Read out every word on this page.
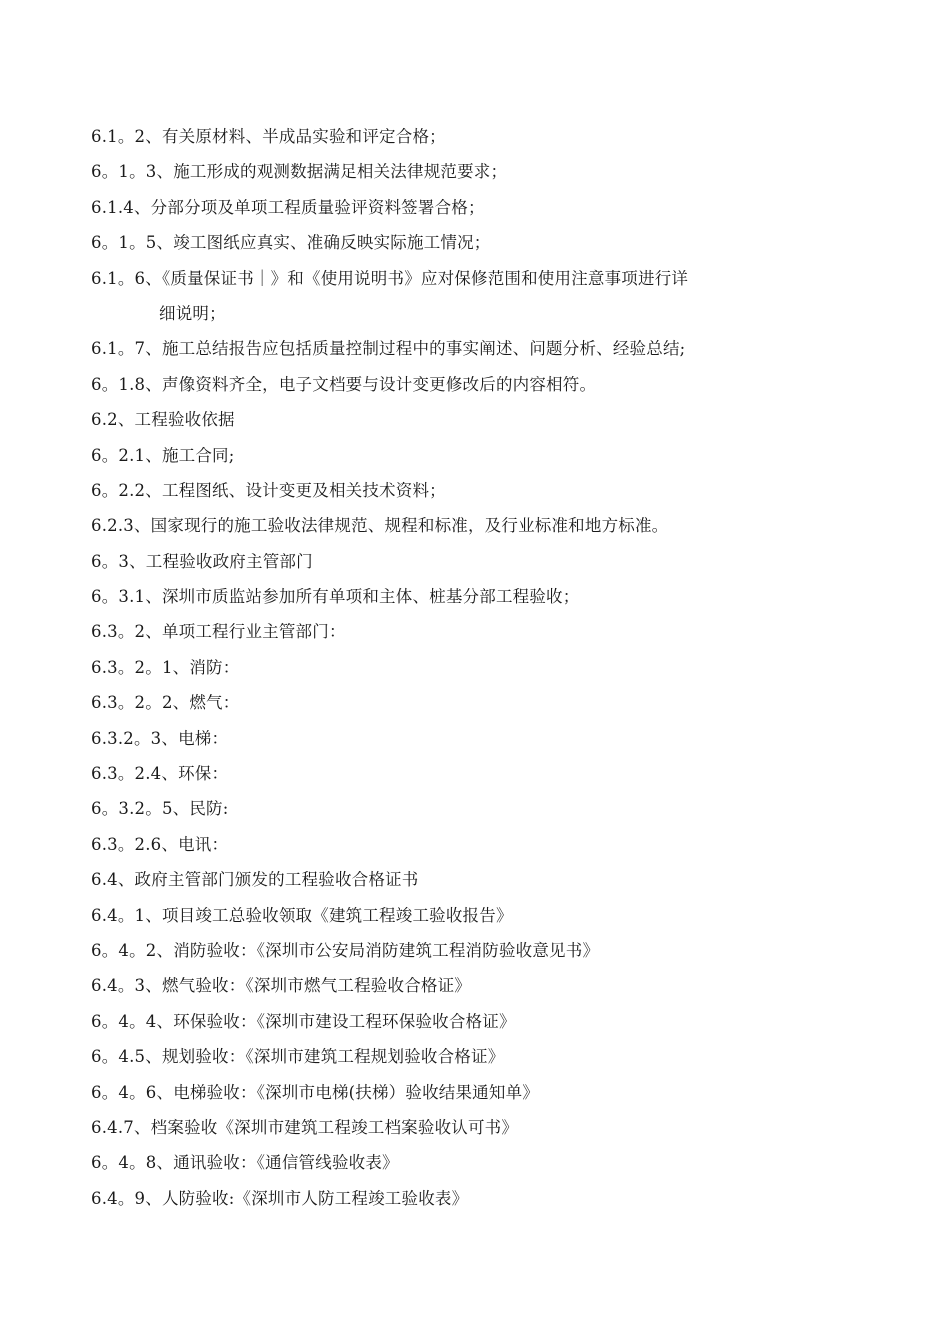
6.1。2、有关原材料、半成品实验和评定合格；
6。1。3、施工形成的观测数据满足相关法律规范要求；
6.1.4、分部分项及单项工程质量验评资料签署合格；
6。1。5、竣工图纸应真实、准确反映实际施工情况；
6.1。6、《质量保证书｜》和《使用说明书》应对保修范围和使用注意事项进行详
细说明；
6.1。7、施工总结报告应包括质量控制过程中的事实阐述、问题分析、经验总结;
6。1.8、声像资料齐全，电子文档要与设计变更修改后的内容相符。
6.2、工程验收依据
6。2.1、施工合同;
6。2.2、工程图纸、设计变更及相关技术资料；
6.2.3、国家现行的施工验收法律规范、规程和标准，及行业标准和地方标准。
6。3、工程验收政府主管部门
6。3.1、深圳市质监站参加所有单项和主体、桩基分部工程验收；
6.3。2、单项工程行业主管部门：
6.3。2。1、消防：
6.3。2。2、燃气：
6.3.2。3、电梯：
6.3。2.4、环保：
6。3.2。5、民防:
6.3。2.6、电讯：
6.4、政府主管部门颁发的工程验收合格证书
6.4。1、项目竣工总验收领取《建筑工程竣工验收报告》
6。4。2、消防验收：《深圳市公安局消防建筑工程消防验收意见书》
6.4。3、燃气验收：《深圳市燃气工程验收合格证》
6。4。4、环保验收：《深圳市建设工程环保验收合格证》
6。4.5、规划验收：《深圳市建筑工程规划验收合格证》
6。4。6、电梯验收：《深圳市电梯(扶梯）验收结果通知单》
6.4.7、档案验收《深圳市建筑工程竣工档案验收认可书》
6。4。8、通讯验收：《通信管线验收表》
6.4。9、人防验收:《深圳市人防工程竣工验收表》
